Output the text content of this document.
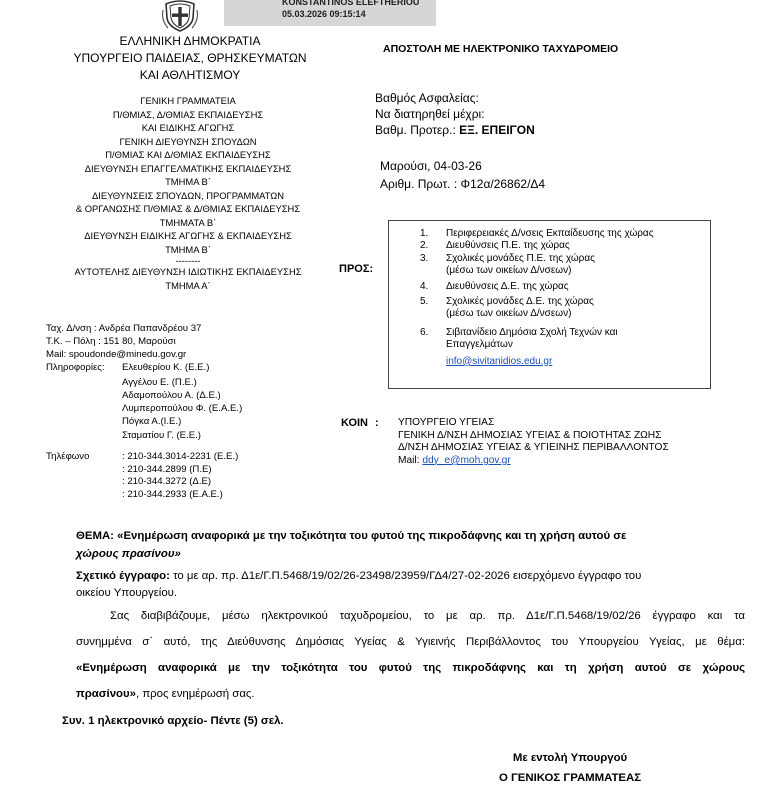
KONSTANTINOS ELEFTHERIOU
05.03.2026 09:15:14
ΕΛΛΗΝΙΚΗ ΔΗΜΟΚΡΑΤΙΑ
ΥΠΟΥΡΓΕΙΟ ΠΑΙΔΕΙΑΣ, ΘΡΗΣΚΕΥΜΑΤΩΝ
ΚΑΙ ΑΘΛΗΤΙΣΜΟΥ
ΑΠΟΣΤΟΛΗ ΜΕ ΗΛΕΚΤΡΟΝΙΚΟ ΤΑΧΥΔΡΟΜΕΙΟ
ΓΕΝΙΚΗ ΓΡΑΜΜΑΤΕΙΑ
Π/ΘΜΙΑΣ, Δ/ΘΜΙΑΣ ΕΚΠΑΙΔΕΥΣΗΣ
ΚΑΙ ΕΙΔΙΚΗΣ ΑΓΩΓΗΣ
ΓΕΝΙΚΗ ΔΙΕΥΘΥΝΣΗ ΣΠΟΥΔΩΝ
Π/ΘΜΙΑΣ ΚΑΙ Δ/ΘΜΙΑΣ ΕΚΠΑΙΔΕΥΣΗΣ
ΔΙΕΥΘΥΝΣΗ ΕΠΑΓΓΕΛΜΑΤΙΚΗΣ ΕΚΠΑΙΔΕΥΣΗΣ
ΤΜΗΜΑ Β΄
ΔΙΕΥΘΥΝΣΕΙΣ ΣΠΟΥΔΩΝ, ΠΡΟΓΡΑΜΜΑΤΩΝ
& ΟΡΓΑΝΩΣΗΣ Π/ΘΜΙΑΣ & Δ/ΘΜΙΑΣ ΕΚΠΑΙΔΕΥΣΗΣ
ΤΜΗΜΑΤΑ Β΄
ΔΙΕΥΘΥΝΣΗ ΕΙΔΙΚΗΣ ΑΓΩΓΗΣ & ΕΚΠΑΙΔΕΥΣΗΣ
ΤΜΗΜΑ Β΄
--------
ΑΥΤΟΤΕΛΗΣ ΔΙΕΥΘΥΝΣΗ ΙΔΙΩΤΙΚΗΣ ΕΚΠΑΙΔΕΥΣΗΣ
ΤΜΗΜΑ Α΄
Βαθμός Ασφαλείας:
Να διατηρηθεί μέχρι:
Βαθμ. Προτερ.: ΕΞ. ΕΠΕΙΓΟΝ
Μαρούσι, 04-03-26
Αριθμ. Πρωτ. : Φ12α/26862/Δ4
ΠΡΟΣ:
1. Περιφερειακές Δ/νσεις Εκπαίδευσης της χώρας
2. Διευθύνσεις Π.Ε. της χώρας
3. Σχολικές μονάδες Π.Ε. της χώρας
(μέσω των οικείων Δ/νσεων)
4. Διευθύνσεις Δ.Ε. της χώρας
5. Σχολικές μονάδες Δ.Ε. της χώρας
(μέσω των οικείων Δ/νσεων)
6. Σιβιτανίδειο Δημόσια Σχολή Τεχνών και
Επαγγελμάτων
info@sivitanidios.edu.gr
Ταχ. Δ/νση : Ανδρέα Παπανδρέου 37
Τ.Κ. – Πόλη : 151 80, Μαρούσι
Mail: spoudonde@minedu.gov.gr
Πληροφορίες: Ελευθερίου Κ. (Ε.Ε.)
Αγγέλου Ε. (Π.Ε.)
Αδαμοπούλου Α. (Δ.Ε.)
Λυμπεροπούλου Φ. (Ε.Α.Ε.)
Πόγκα Α.(Ι.Ε.)
Σταματίου Γ. (Ε.Ε.)
Τηλέφωνο	: 210-344.3014-2231 (Ε.Ε.)
: 210-344.2899 (Π.Ε)
: 210-344.3272 (Δ.Ε)
: 210-344.2933 (Ε.Α.Ε.)
ΚΟΙΝ : ΥΠΟΥΡΓΕΙΟ ΥΓΕΙΑΣ
ΓΕΝΙΚΗ Δ/ΝΣΗ ΔΗΜΟΣΙΑΣ ΥΓΕΙΑΣ & ΠΟΙΟΤΗΤΑΣ ΖΩΗΣ
Δ/ΝΣΗ ΔΗΜΟΣΙΑΣ ΥΓΕΙΑΣ & ΥΓΙΕΙΝΗΣ ΠΕΡΙΒΑΛΛΟΝΤΟΣ
Mail: ddy_e@moh.gov.gr
ΘΕΜΑ: «Ενημέρωση αναφορικά με την τοξικότητα του φυτού της πικροδάφνης και τη χρήση αυτού σε
χώρους πρασίνου»
Σχετικό έγγραφο: το με αρ. πρ. Δ1ε/Γ.Π.5468/19/02/26-23498/23959/ΓΔ4/27-02-2026 εισερχόμενο έγγραφο του
οικείου Υπουργείου.
Σας διαβιβάζουμε, μέσω ηλεκτρονικού ταχυδρομείου, το με αρ. πρ. Δ1ε/Γ.Π.5468/19/02/26 έγγραφο και τα
συνημμένα σ΄ αυτό, της Διεύθυνσης Δημόσιας Υγείας & Υγιεινής Περιβάλλοντος του Υπουργείου Υγείας, με θέμα:
«Ενημέρωση αναφορικά με την τοξικότητα του φυτού της πικροδάφνης και τη χρήση αυτού σε χώρους
πρασίνου», προς ενημέρωσή σας.
Συν. 1 ηλεκτρονικό αρχείο- Πέντε (5) σελ.
Με εντολή Υπουργού
Ο ΓΕΝΙΚΟΣ ΓΡΑΜΜΑΤΕΑΣ
